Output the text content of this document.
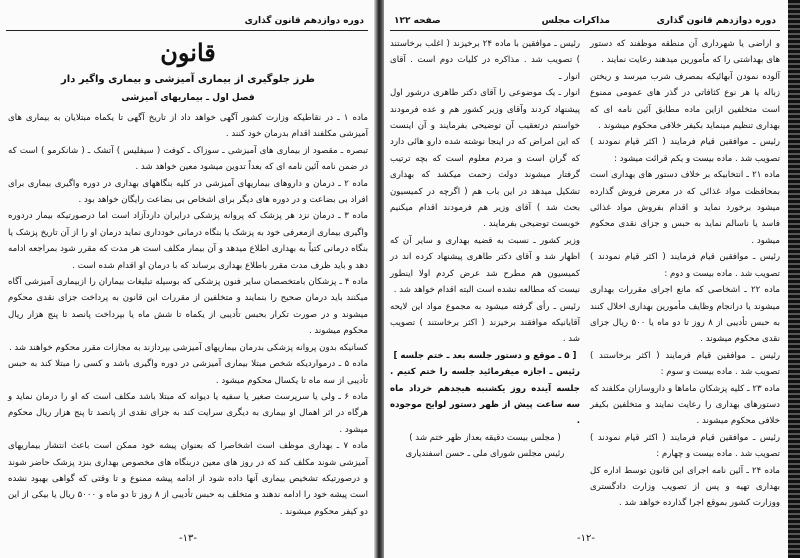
دوره دوازدهم قانون گذاری
قانون
طرز جلوگیری از بیماری آمیزشی و بیماری واگیر دار
فصل اول ـ بیماریهای آمیزشی

ماده ۱ ـ در نقاطیکه وزارت کشور آگهی خواهد داد از تاریخ آگهی تا یکماه مبتلایان به بیماری های آمیزشی مکلفند اقدام بدرمان خود کنند .

تبصره ـ مقصود از بیماری های آمیزشی ـ سوزاک ـ کوفت ( سیفلیس ) آتشک ـ ( شانکرمو ) است که در ضمن نامه آئین نامه ای که بعداً تدوین میشود معین خواهد شد .

ماده ۲ ـ درمان و داروهای بیماریهای آمیزشی در کلیه بنگاههای بهداری در دوره واگیری بیماری برای افراد بی بضاعت و در دوره های دیگر برای اشخاص بی بضاعت رایگان خواهد بود .

ماده ۳ ـ درمان نزد هر پزشک که پروانه پزشکی درایران داردآزاد است اما درصورتیکه بیمار دردوره واگیری بیماری ازمعرفی خود به پزشک یا بنگاه درمانی خودداری نماید درمان او را از آن تاریخ پزشک یا بنگاه درمانی کتباً به بهداری اطلاع میدهد و آن بیمار مکلف است هر مدت که مقرر شود بمراجعه ادامه دهد و باید ظرف مدت مقرر باطلاع بهداری برساند که با درمان او اقدام شده است .

ماده ۴ ـ پزشکان بامتخصصان سایر فنون پزشکی که بوسیله تبلیغات بیماران را ازبیماری آمیزشی آگاه میکنند باید درمان صحیح را بنمایند و متخلفین از مقررات این قانون به پرداخت جزای نقدی محکوم میشوند و در صورت تکرار بحبس تأدیبی از یکماه تا شش ماه یا بپرداخت پانصد تا پنج هزار ریال محکوم میشوند .

کسانیکه بدون پروانه پزشکی بدرمان بیماریهای آمیزشی بپردازند به مجازات مقرر محکوم خواهند شد .

ماده ۵ ـ درمواردیکه شخص مبتلا بیماری آمیزشی در دوره واگیری باشد و کسی را مبتلا کند به حبس تأدیبی از سه ماه تا یکسال محکوم میشود .

ماده ۶ ـ ولی یا سرپرست صغیر یا سفیه یا دیوانه که مبتلا باشد مکلف است که او را درمان نماید و هرگاه در اثر اهمال او بیماری به دیگری سرایت کند به جزای نقدی از پانصد تا پنج هزار ریال محکوم میشود .

ماده ۷ ـ بهداری موظف است اشخاصرا که بعنوان پیشه خود ممکن است باعث انتشار بیماریهای آمیزشی شوند مکلف کند که در روز های معین دربنگاه های مخصوص بهداری بنزد پزشک حاضر شوند و درصورتیکه تشخیص بیماری آنها داده شود از ادامه پیشه ممنوع و تا وقتی که گواهی بهبود نشده است پیشه خود را ادامه ندهند و متخلف به حبس تأدیبی از ۸ روز تا دو ماه و ۵۰۰۰ ریال یا بیکی از این دو کیفر محکوم میشوند .

-۱۳-
دوره دوازدهم قانون گذاری
مذاکرات مجلس
صفحه ۱۲۲

و اراضی یا شهرداری آن منطقه موظفند که دستور های بهداشتی را که مأمورین میدهند رعایت نمایند .

آلوده نمودن آبهائیکه بمصرف شرب میرسد و ریختن زباله یا هر نوع کثافاتی در گذر های عمومی ممنوع است متخلفین ازاین ماده مطابق آئین نامه ای که بهداری تنظیم مینماید بکیفر خلافی محکوم میشوند .

رئیس ـ موافقین قیام فرمایند ( اکثر قیام نمودند ) تصویب شد . ماده بیست و یکم قرائت میشود :

ماده ۲۱ ـ انتخابیکه بر خلاف دستور های بهداری است بمحافظت مواد غذائی که در معرض فروش گذارده میشود برخورد نماید و اقدام بفروش مواد غذائی فاسد یا ناسالم نماید به حبس و جزای نقدی محکوم میشود .

رئیس ـ موافقین قیام فرمایند ( اکثر قیام نمودند ) تصویب شد . ماده بیست و دوم :

ماده ۲۲ ـ اشخاصی که مانع اجرای مقررات بهداری میشوند یا درانجام وظایف مأمورین بهداری اخلال کنند به حبس تأدیبی از ۸ روز تا دو ماه یا ۵۰۰ ریال جزای نقدی محکوم میشوند .

رئیس ـ موافقین قیام فرمایند ( اکثر برخاستند ) تصویب شد . ماده بیست و سوم :

ماده ۲۳ ـ کلیه پزشکان ماماها و داروسازان مکلفند که دستورهای بهداری را رعایت نمایند و متخلفین بکیفر خلافی محکوم میشوند .

رئیس ـ موافقین قیام فرمایند ( اکثر قیام نمودند ) تصویب شد . ماده بیست و چهارم :

ماده ۲۴ ـ آئین نامه اجرای این قانون توسط اداره کل بهداری تهیه و پس از تصویب وزارت دادگستری ووزارت کشور بموقع اجرا گذارده خواهد شد .

رئیس ـ موافقین با ماده ۲۴ برخیزند ( اغلب برخاستند ) تصویب شد . مذاکره در کلیات دوم است . آقای انوار ـ

انوار ـ یک موضوعی را آقای دکتر طاهری درشور اول پیشنهاد کردند وآقای وزیر کشور هم و عده فرمودند خواستم درتعقیب آن توضیحی بفرمایند و آن اینست که این امراض که در اینجا نوشته شده دارو هائی دارد که گران است و مردم معلوم است که بچه ترتیب گرفتار میشوند دولت زحمت میکشد که بهداری تشکیل میدهد در این باب هم ( اگرچه در کمیسیون بحث شد ) آقای وزیر هم فرمودند اقدام میکنیم خوبست توضیحی بفرمایند .

وزیر کشور ـ نسبت به قضیه بهداری و سایر آن که اظهار شد و آقای دکتر طاهری پیشنهاد کرده اند در کمیسیون هم مطرح شد عرض کردم اولا اینطور نیست که مطالعه نشده است البته اقدام خواهد شد .

رئیس ـ رأی گرفته میشود به مجموع مواد این لایحه آقایانیکه موافقند برخیزند ( اکثر برخاستند ) تصویب شد .

[ ۵ ـ موقع و دستور جلسه بعد ـ ختم جلسه ]

رئیس ـ اجازه میفرمائید جلسه را ختم کنیم . جلسه آینده روز یکشنبه هیجدهم خرداد ماه سه ساعت پیش از ظهر دستور لوایح موجوده .

( مجلس بیست دقیقه بعداز ظهر ختم شد )

رئیس مجلس شورای ملی ـ حسن اسفندیاری

-۱۲-
